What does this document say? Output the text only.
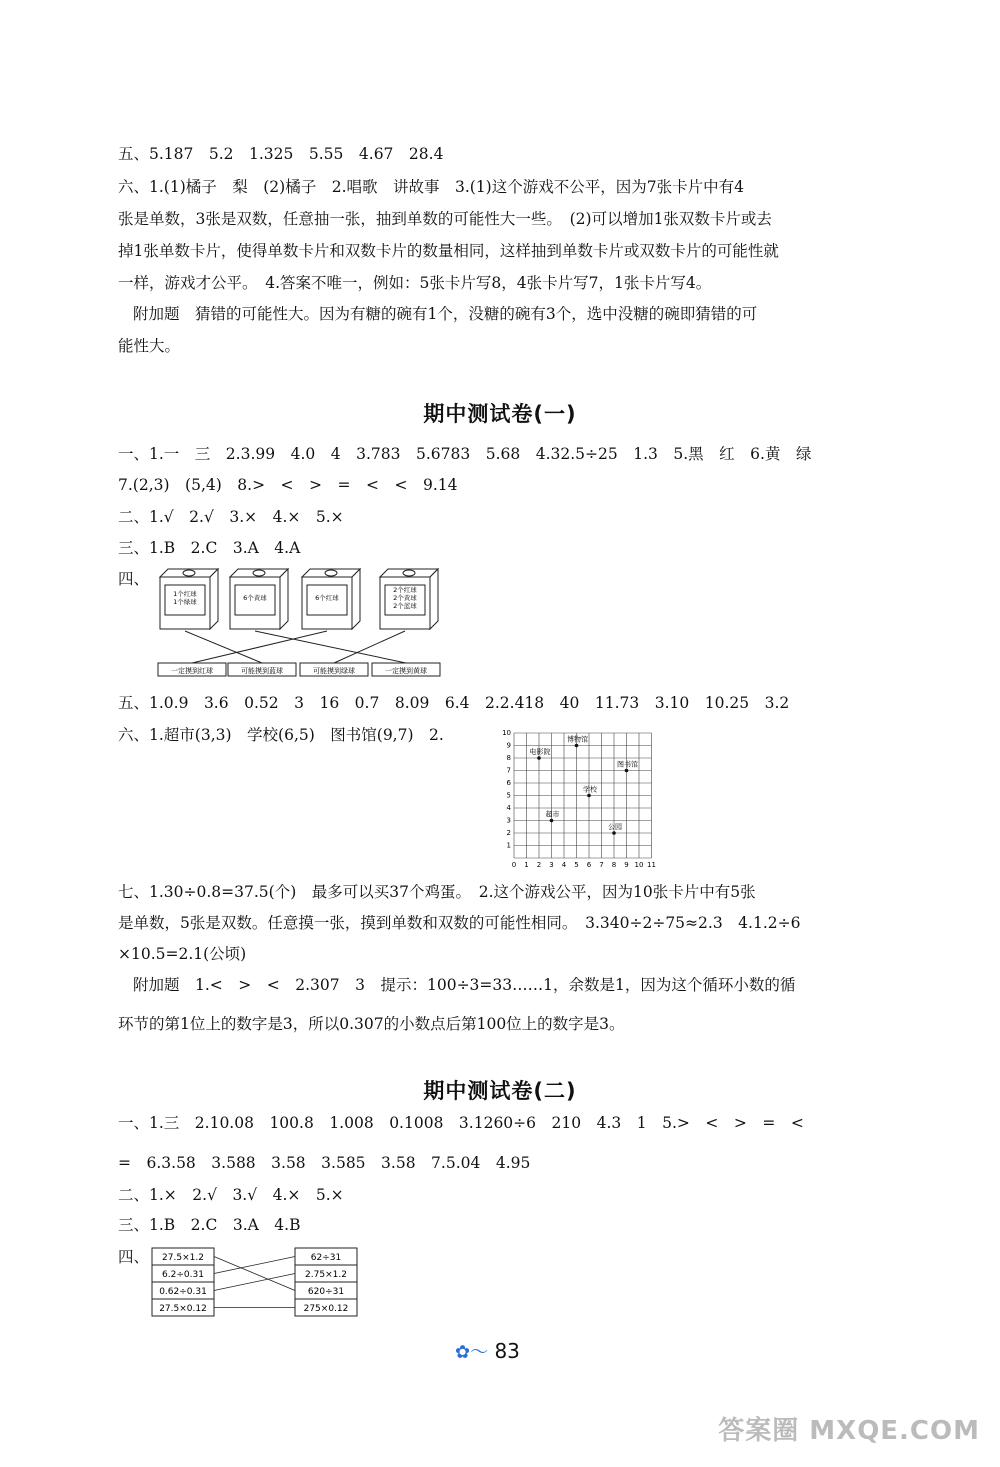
五、5.187　5.2　1.325　5.55　4.67　28.4
六、1.(1)橘子　梨　(2)橘子　2.唱歌　讲故事　3.(1)这个游戏不公平，因为7张卡片中有4
张是单数，3张是双数，任意抽一张，抽到单数的可能性大一些。　(2)可以增加1张双数卡片或去
掉1张单数卡片，使得单数卡片和双数卡片的数量相同，这样抽到单数卡片或双数卡片的可能性就
一样，游戏才公平。　4.答案不唯一，例如：5张卡片写8，4张卡片写7，1张卡片写4。
附加题　猜错的可能性大。因为有糖的碗有1个，没糖的碗有3个，选中没糖的碗即猜错的可
能性大。
期中测试卷(一)
一、1.一　三　2.3.99　4.0　4　3.783　5.6783　5.68　4.32.5÷25　1.3　5.黑　红　6.黄　绿
7.(2,3)　(5,4)　8.>　<　>　=　<　<　9.14
二、1.√　2.√　3.×　4.×　5.×
三、1.B　2.C　3.A　4.A
四、
1个红球
1个绿球	6个黄球	6个红球
2个红球
2个黄球
2个蓝球
一定摸到红球	可能摸到蓝球	可能摸到绿球	一定摸到黄球
五、1.0.9　3.6　0.52　3　16　0.7　8.09　6.4　2.2.418　40　11.73　3.10　10.25　3.2
六、1.超市(3,3)　学校(6,5)　图书馆(9,7)　2.
0 1 2 3 4 5 6 7 8 9 10 11
1
2
3
4
5
6
7
8
9
10
电影院
博物馆
图书馆
学校
超市
公园
七、1.30÷0.8=37.5(个)　最多可以买37个鸡蛋。　2.这个游戏公平，因为10张卡片中有5张
是单数，5张是双数。任意摸一张，摸到单数和双数的可能性相同。　3.340÷2÷75≈2.3　4.1.2÷6
×10.5=2.1(公顷)
附加题　1.<　>　<　2.307　3　提示：100÷3=33……1，余数是1，因为这个循环小数的循
环节的第1位上的数字是3，所以0.307的小数点后第100位上的数字是3。
期中测试卷(二)
一、1.三　2.10.08　100.8　1.008　0.1008　3.1260÷6　210　4.3　1　5.>　<　>　=　<
=　6.3.58　3.588　3.58　3.585　3.58　7.5.04　4.95
二、1.×　2.√　3.√　4.×　5.×
三、1.B　2.C　3.A　4.B
四、 27.5×1.2
6.2÷0.31
0.62÷0.31
27.5×0.12
62÷31
2.75×1.2
620÷31
275×0.12
✿～ 83
答案圈 MXQE.COM
